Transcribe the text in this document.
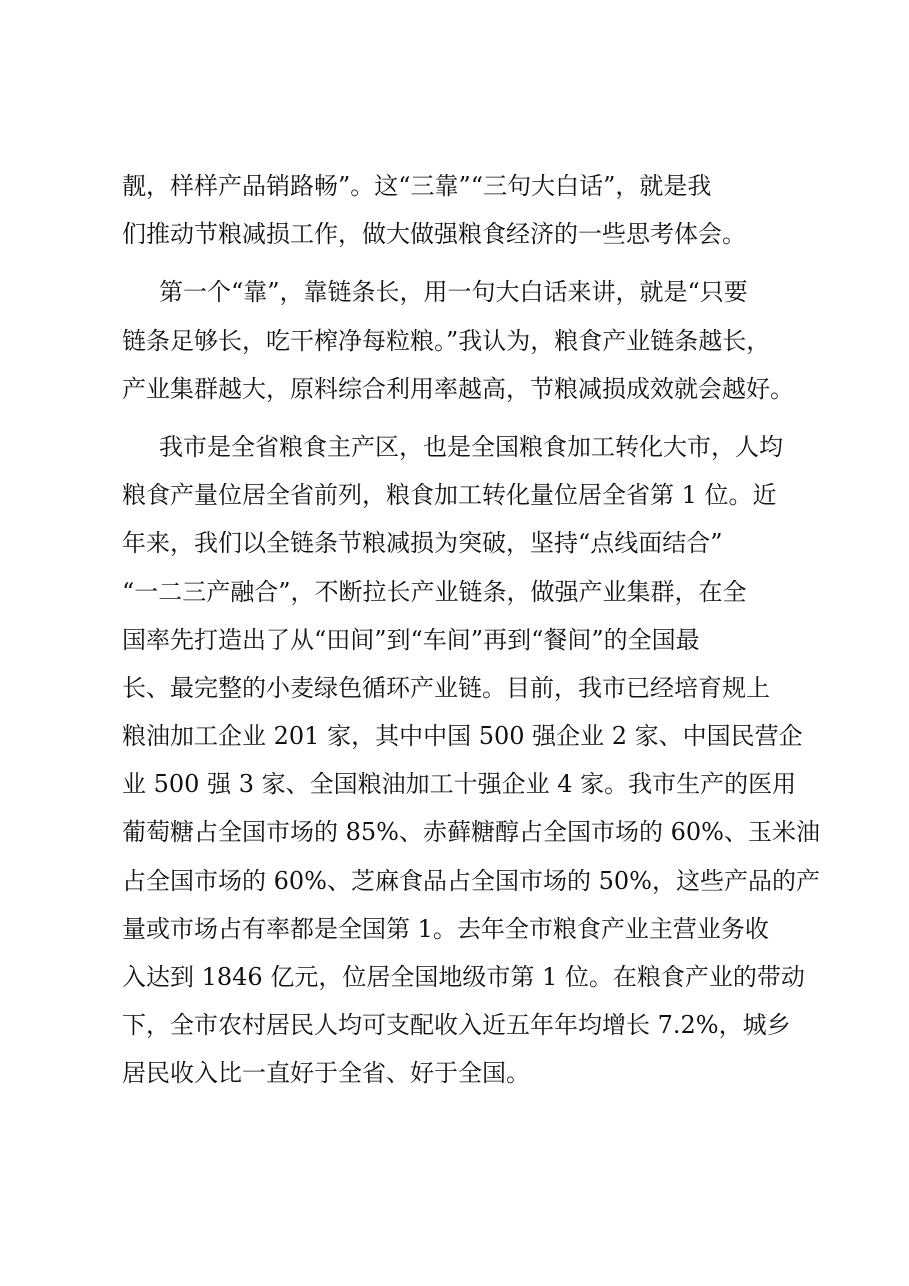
靓，样样产品销路畅”。这“三靠”“三句大白话”，就是我
们推动节粮减损工作，做大做强粮食经济的一些思考体会。

第一个“靠”，靠链条长，用一句大白话来讲，就是“只要
链条足够长，吃干榨净每粒粮。”我认为，粮食产业链条越长，
产业集群越大，原料综合利用率越高，节粮减损成效就会越好。

我市是全省粮食主产区，也是全国粮食加工转化大市，人均
粮食产量位居全省前列，粮食加工转化量位居全省第 1 位。近
年来，我们以全链条节粮减损为突破，坚持“点线面结合”
“一二三产融合”，不断拉长产业链条，做强产业集群，在全
国率先打造出了从“田间”到“车间”再到“餐间”的全国最
长、最完整的小麦绿色循环产业链。目前，我市已经培育规上
粮油加工企业 201 家，其中中国 500 强企业 2 家、中国民营企
业 500 强 3 家、全国粮油加工十强企业 4 家。我市生产的医用
葡萄糖占全国市场的 85%、赤藓糖醇占全国市场的 60%、玉米油
占全国市场的 60%、芝麻食品占全国市场的 50%，这些产品的产
量或市场占有率都是全国第 1。去年全市粮食产业主营业务收
入达到 1846 亿元，位居全国地级市第 1 位。在粮食产业的带动
下，全市农村居民人均可支配收入近五年年均增长 7.2%，城乡
居民收入比一直好于全省、好于全国。
